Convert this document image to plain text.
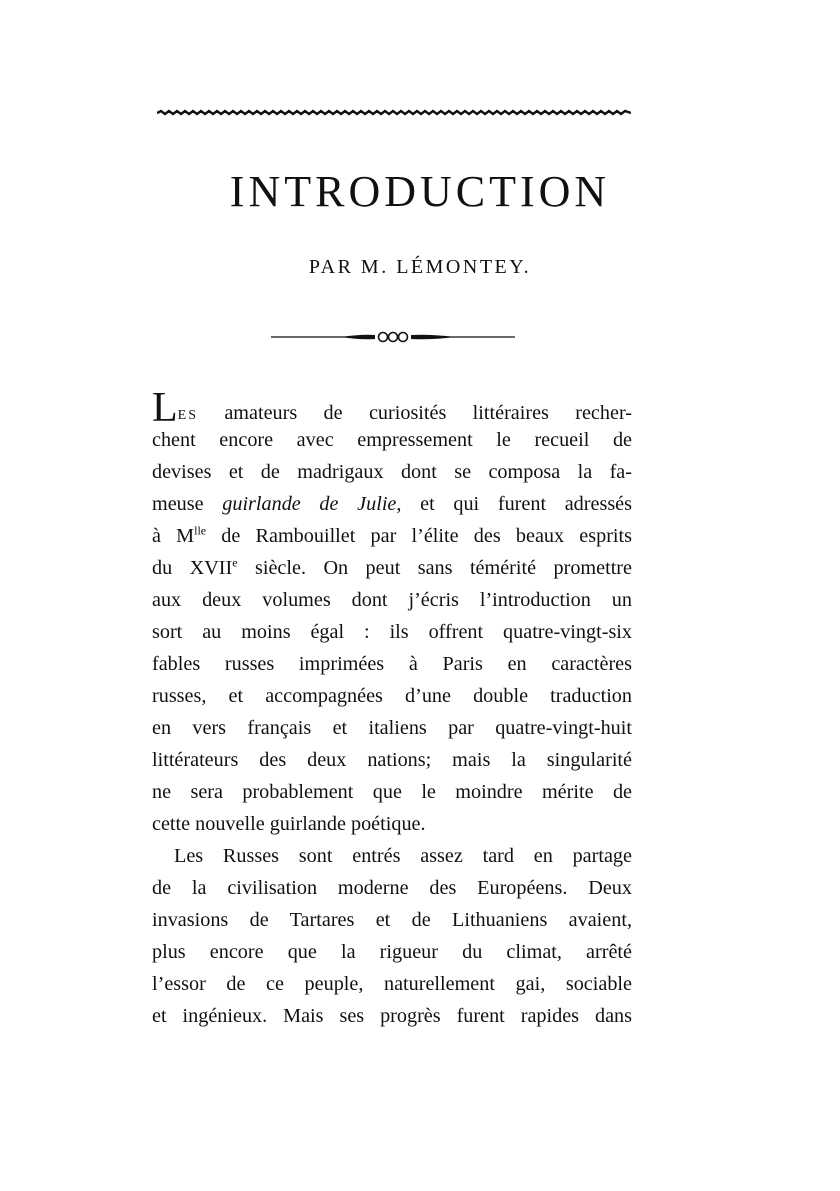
INTRODUCTION
PAR M. LÉMONTEY.
LES amateurs de curiosités littéraires recher-
chent encore avec empressement le recueil de
devises et de madrigaux dont se composa la fa-
meuse guirlande de Julie, et qui furent adressés
à $M^{lle}$ de Rambouillet par l’élite des beaux esprits
du XVIIe siècle. On peut sans témérité promettre
aux deux volumes dont j’écris l’introduction un
sort au moins égal : ils offrent quatre-vingt-six
fables russes imprimées à Paris en caractères
russes, et accompagnées d’une double traduction
en vers français et italiens par quatre-vingt-huit
littérateurs des deux nations; mais la singularité
ne sera probablement que le moindre mérite de
cette nouvelle guirlande poétique.
Les Russes sont entrés assez tard en partage
de la civilisation moderne des Européens. Deux
invasions de Tartares et de Lithuaniens avaient,
plus encore que la rigueur du climat, arrêté
l’essor de ce peuple, naturellement gai, sociable
et ingénieux. Mais ses progrès furent rapides dans
